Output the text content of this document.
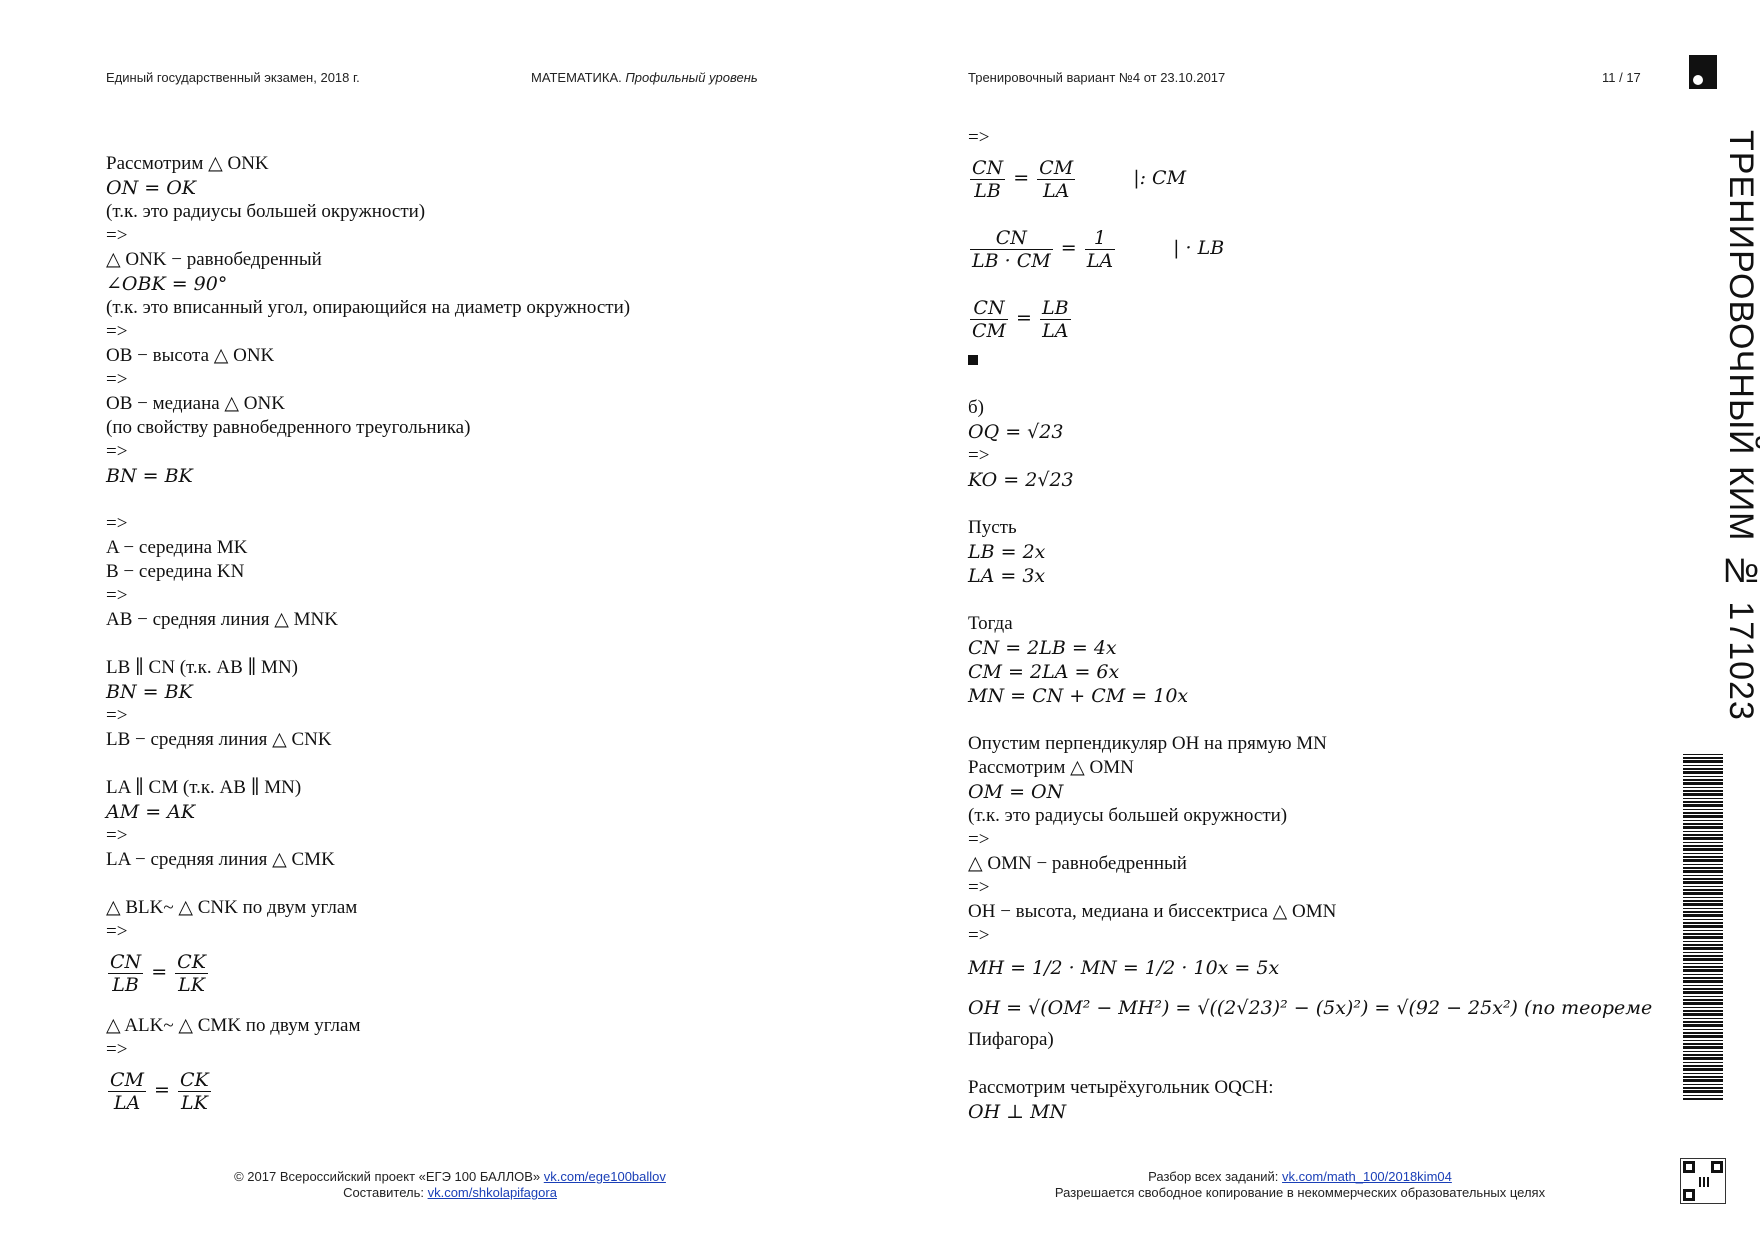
Единый государственный экзамен, 2018 г.	МАТЕМАТИКА. Профильный уровень	Тренировочный вариант №4 от 23.10.2017	11 / 17
ТРЕНИРОВОЧНЫЙ КИМ № 171023
Рассмотрим △ ONK
ON = OK
(т.к. это радиусы большей окружности)
=>
△ ONK − равнобедренный
∠OBK = 90°
(т.к. это вписанный угол, опирающийся на диаметр окружности)
=>
OB − высота △ ONK
=>
OB − медиана △ ONK
(по свойству равнобедренного треугольника)
=>
BN = BK
=>
A − середина MK
B − середина KN
=>
AB − средняя линия △ MNK
LB ∥ CN (т.к. AB ∥ MN)
BN = BK
=>
LB − средняя линия △ CNK
LA ∥ CM (т.к. AB ∥ MN)
AM = AK
=>
LA − средняя линия △ CMK
△ BLK~ △ CNK по двум углам
=>
$\frac{CN}{LB} = \frac{CK}{LK}$
△ ALK~ △ CMK по двум углам
=>
$\frac{CM}{LA} = \frac{CK}{LK}$
=>
$\frac{CN}{LB} = \frac{CM}{LA}$	|: CM
$\frac{CN}{LB \cdot CM} = \frac{1}{LA}$	| · LB
$\frac{CN}{CM} = \frac{LB}{LA}$
б)
OQ = √23
=>
KO = 2√23
Пусть
LB = 2x
LA = 3x
Тогда
CN = 2LB = 4x
CM = 2LA = 6x
MN = CN + CM = 10x
Опустим перпендикуляр OH на прямую MN
Рассмотрим △ OMN
OM = ON
(т.к. это радиусы большей окружности)
=>
△ OMN − равнобедренный
=>
OH − высота, медиана и биссектриса △ OMN
=>
MH = 1/2 · MN = 1/2 · 10x = 5x
OH = √(OM² − MH²) = √((2√23)² − (5x)²) = √(92 − 25x²) (по теореме
Пифагора)
Рассмотрим четырёхугольник OQCH:
OH ⊥ MN
© 2017 Всероссийский проект «ЕГЭ 100 БАЛЛОВ» vk.com/ege100ballov
Составитель: vk.com/shkolapifagora
Разбор всех заданий: vk.com/math_100/2018kim04
Разрешается свободное копирование в некоммерческих образовательных целях
